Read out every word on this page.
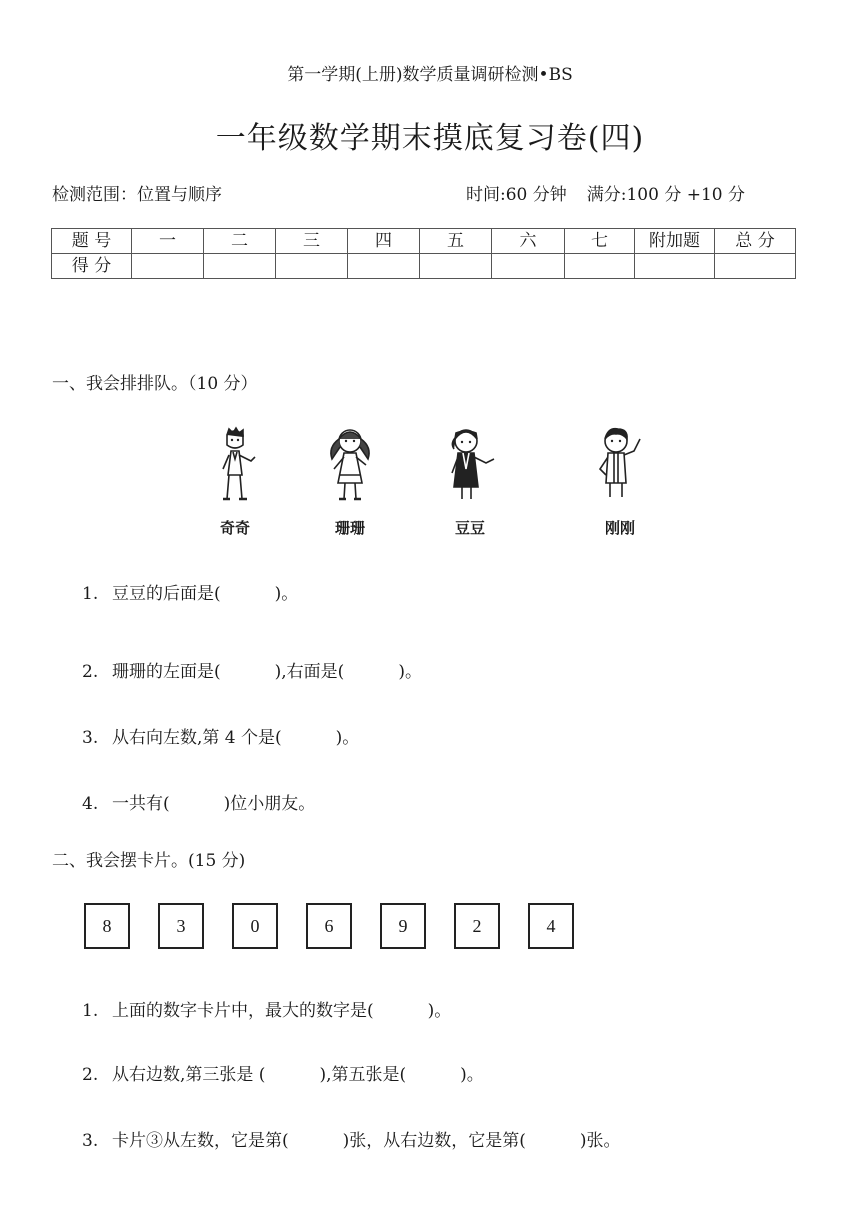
第一学期(上册)数学质量调研检测•BS
一年级数学期末摸底复习卷(四)
检测范围：位置与顺序	时间:60 分钟 满分:100 分 +10 分
题 号	一	二	三	四	五	六	七	附加题	总 分
得 分									
一、我会排排队。（10 分）
奇奇	珊珊	豆豆	刚刚
1. 豆豆的后面是(	)。
2. 珊珊的左面是(	),右面是(	)。
3. 从右向左数,第 4 个是(	)。
4. 一共有(	)位小朋友。
二、我会摆卡片。(15 分)
8	3	0	6	9	2	4
1. 上面的数字卡片中，最大的数字是(	)。
2. 从右边数,第三张是 (	),第五张是(	)。
3. 卡片③从左数，它是第(	)张，从右边数，它是第(	)张。
